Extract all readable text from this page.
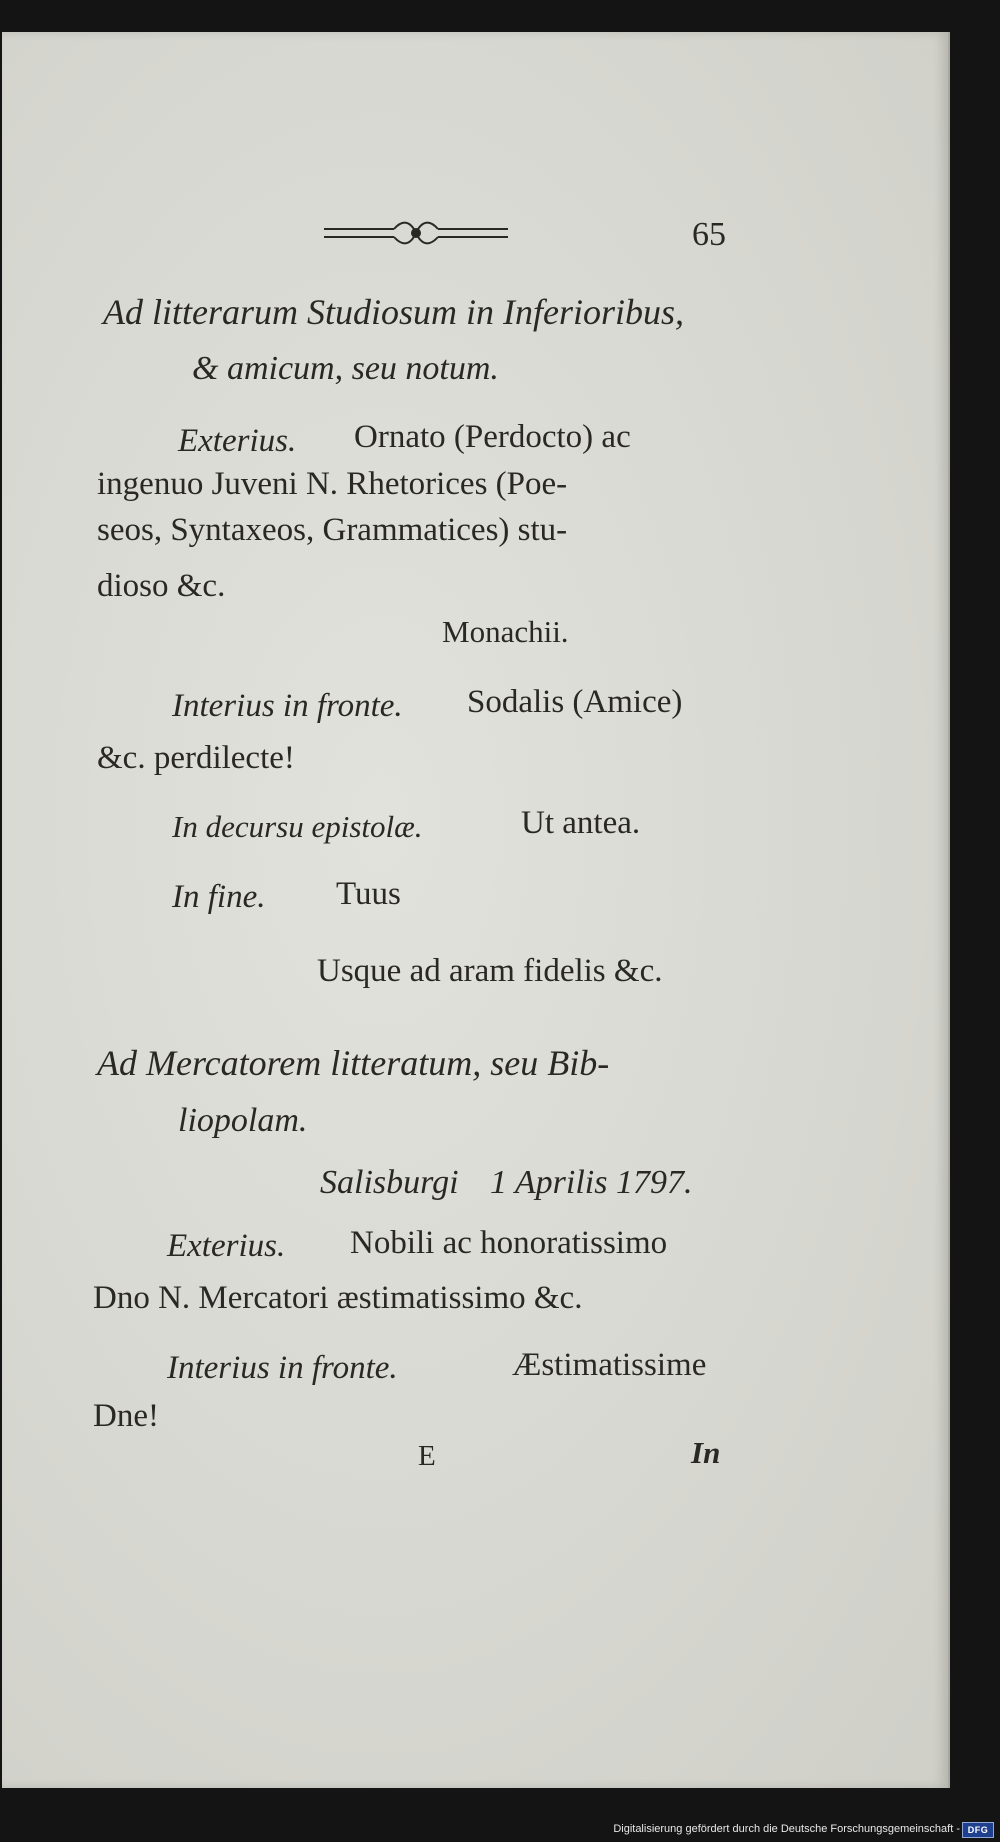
65
Ad litterarum Studiosum in Inferioribus,
& amicum, seu notum.
Exterius. Ornato (Perdocto) ac
ingenuo Juveni N. Rhetorices (Poe-
seos, Syntaxeos, Grammatices) stu-
dioso &c.
Monachii.
Interius in fronte. Sodalis (Amice)
&c. perdilecte!
In decursu epistolæ.	Ut antea.
In fine. Tuus
Usque ad aram fidelis &c.
Ad Mercatorem litteratum, seu Bib-
liopolam.
Salisburgi 1 Aprilis 1797.
Exterius. Nobili ac honoratissimo
Dno N. Mercatori æstimatissimo &c.
Interius in fronte.	Æstimatissime
Dne!
E	In
Digitalisierung gefördert durch die Deutsche Forschungsgemeinschaft - DFG
